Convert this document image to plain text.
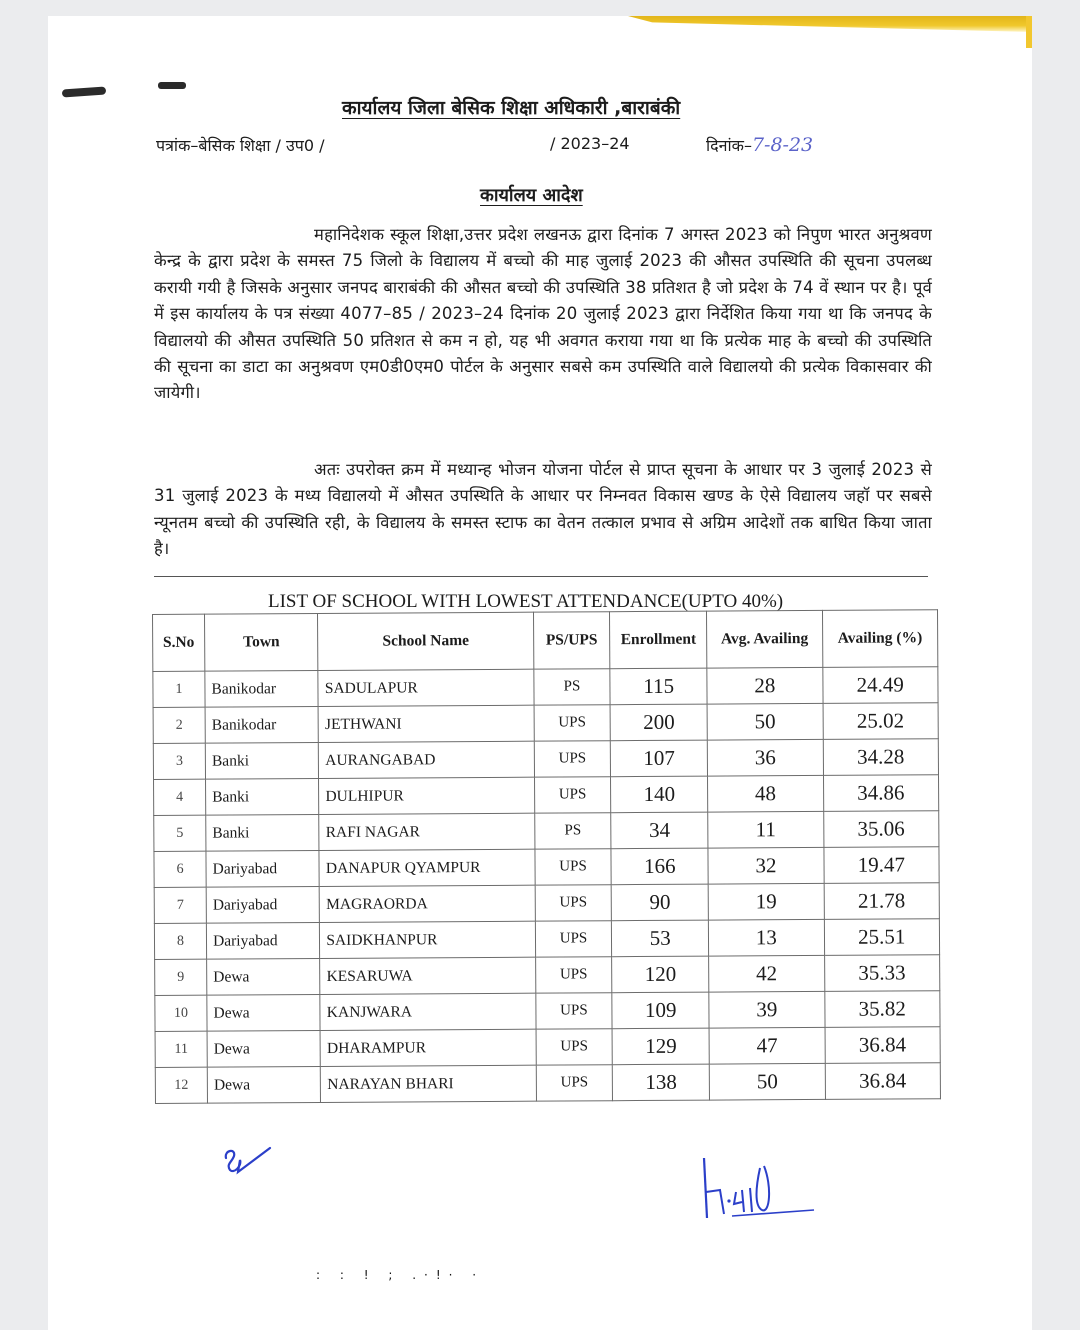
कार्यालय जिला बेसिक शिक्षा अधिकारी ,बाराबंकी
पत्रांक–बेसिक शिक्षा / उप0 /	/ 2023–24	दिनांक–7-8-23
कार्यालय आदेश
महानिदेशक स्कूल शिक्षा,उत्तर प्रदेश लखनऊ द्वारा दिनांक 7 अगस्त 2023 को निपुण भारत अनुश्रवण केन्द्र के द्वारा प्रदेश के समस्त 75 जिलो के विद्यालय में बच्चो की माह जुलाई 2023 की औसत उपस्थिति की सूचना उपलब्ध करायी गयी है जिसके अनुसार जनपद बाराबंकी की औसत बच्चो की उपस्थिति 38 प्रतिशत है जो प्रदेश के 74 वें स्थान पर है। पूर्व में इस कार्यालय के पत्र संख्या 4077–85 / 2023–24 दिनांक 20 जुलाई 2023 द्वारा निर्देशित किया गया था कि जनपद के विद्यालयो की औसत उपस्थिति 50 प्रतिशत से कम न हो, यह भी अवगत कराया गया था कि प्रत्येक माह के बच्चो की उपस्थिति की सूचना का डाटा का अनुश्रवण एम0डी0एम0 पोर्टल के अनुसार सबसे कम उपस्थिति वाले विद्यालयो की प्रत्येक विकासवार की जायेगी।
अतः उपरोक्त क्रम में मध्यान्ह भोजन योजना पोर्टल से प्राप्त सूचना के आधार पर 3 जुलाई 2023 से 31 जुलाई 2023 के मध्य विद्यालयो में औसत उपस्थिति के आधार पर निम्नवत विकास खण्ड के ऐसे विद्यालय जहॉ पर सबसे न्यूनतम बच्चो की उपस्थिति रही, के विद्यालय के समस्त स्टाफ का वेतन तत्काल प्रभाव से अग्रिम आदेशों तक बाधित किया जाता है।
LIST OF SCHOOL WITH LOWEST ATTENDANCE(UPTO 40%)
S.No	Town	School Name	PS/UPS	Enrollment	Avg. Availing	Availing (%)
1	Banikodar	SADULAPUR	PS	115	28	24.49
2	Banikodar	JETHWANI	UPS	200	50	25.02
3	Banki	AURANGABAD	UPS	107	36	34.28
4	Banki	DULHIPUR	UPS	140	48	34.86
5	Banki	RAFI NAGAR	PS	34	11	35.06
6	Dariyabad	DANAPUR QYAMPUR	UPS	166	32	19.47
7	Dariyabad	MAGRAORDA	UPS	90	19	21.78
8	Dariyabad	SAIDKHANPUR	UPS	53	13	25.51
9	Dewa	KESARUWA	UPS	120	42	35.33
10	Dewa	KANJWARA	UPS	109	39	35.82
11	Dewa	DHARAMPUR	UPS	129	47	36.84
12	Dewa	NARAYAN BHARI	UPS	138	50	36.84
: : ! ; .·!· ·
